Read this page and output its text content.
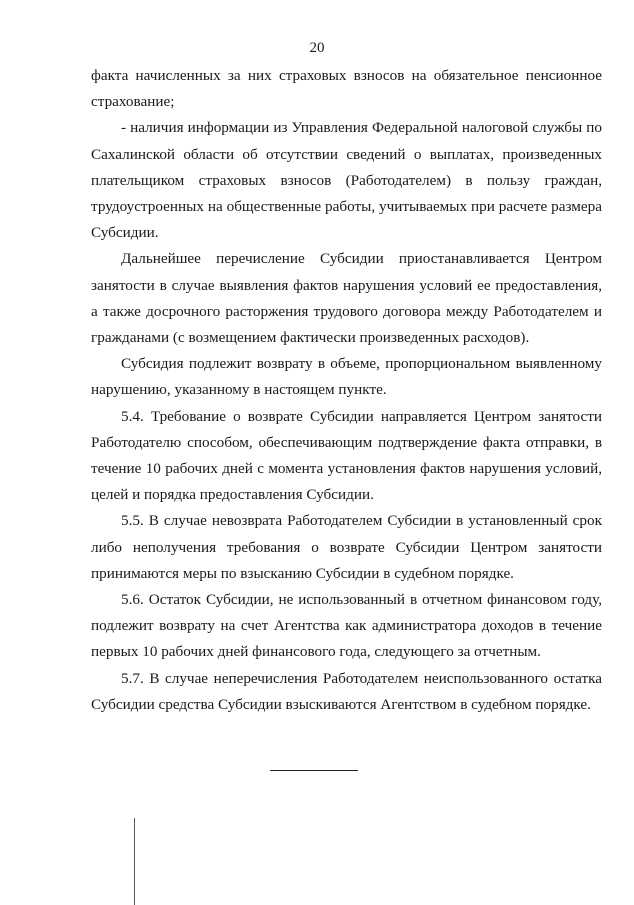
20

факта начисленных за них страховых взносов на обязательное пенсионное страхование;

- наличия информации из Управления Федеральной налоговой службы по Сахалинской области об отсутствии сведений о выплатах, произведенных плательщиком страховых взносов (Работодателем) в пользу граждан, трудоустроенных на общественные работы, учитываемых при расчете размера Субсидии.

Дальнейшее перечисление Субсидии приостанавливается Центром занятости в случае выявления фактов нарушения условий ее предоставления, а также досрочного расторжения трудового договора между Работодателем и гражданами (с возмещением фактически произведенных расходов).

Субсидия подлежит возврату в объеме, пропорциональном выявленному нарушению, указанному в настоящем пункте.

5.4. Требование о возврате Субсидии направляется Центром занятости Работодателю способом, обеспечивающим подтверждение факта отправки, в течение 10 рабочих дней с момента установления фактов нарушения условий, целей и порядка предоставления Субсидии.

5.5. В случае невозврата Работодателем Субсидии в установленный срок либо неполучения требования о возврате Субсидии Центром занятости принимаются меры по взысканию Субсидии в судебном порядке.

5.6. Остаток Субсидии, не использованный в отчетном финансовом году, подлежит возврату на счет Агентства как администратора доходов в течение первых 10 рабочих дней финансового года, следующего за отчетным.

5.7. В случае неперечисления Работодателем неиспользованного остатка Субсидии средства Субсидии взыскиваются Агентством в судебном порядке.
